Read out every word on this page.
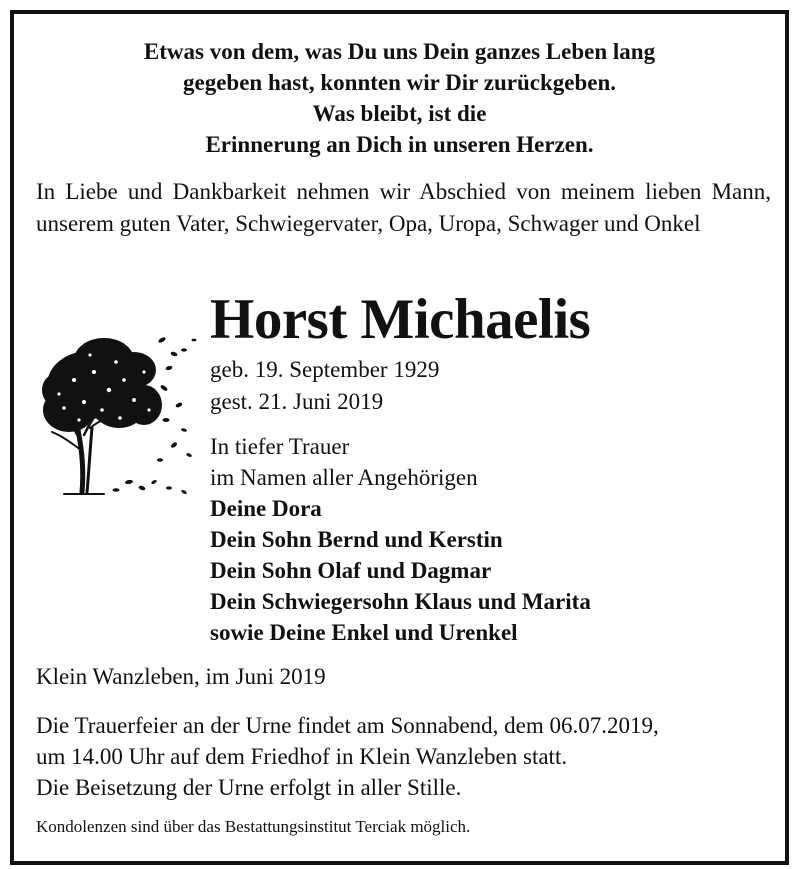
Etwas von dem, was Du uns Dein ganzes Leben lang
gegeben hast, konnten wir Dir zurückgeben.
Was bleibt, ist die
Erinnerung an Dich in unseren Herzen.
In Liebe und Dankbarkeit nehmen wir Abschied von meinem lieben Mann, unserem guten Vater, Schwiegervater, Opa, Uropa, Schwager und Onkel
Horst Michaelis
geb. 19. September 1929
gest. 21. Juni 2019
In tiefer Trauer
im Namen aller Angehörigen
Deine Dora
Dein Sohn Bernd und Kerstin
Dein Sohn Olaf und Dagmar
Dein Schwiegersohn Klaus und Marita
sowie Deine Enkel und Urenkel
Klein Wanzleben, im Juni 2019
Die Trauerfeier an der Urne findet am Sonnabend, dem 06.07.2019,
um 14.00 Uhr auf dem Friedhof in Klein Wanzleben statt.
Die Beisetzung der Urne erfolgt in aller Stille.
Kondolenzen sind über das Bestattungsinstitut Terciak möglich.
